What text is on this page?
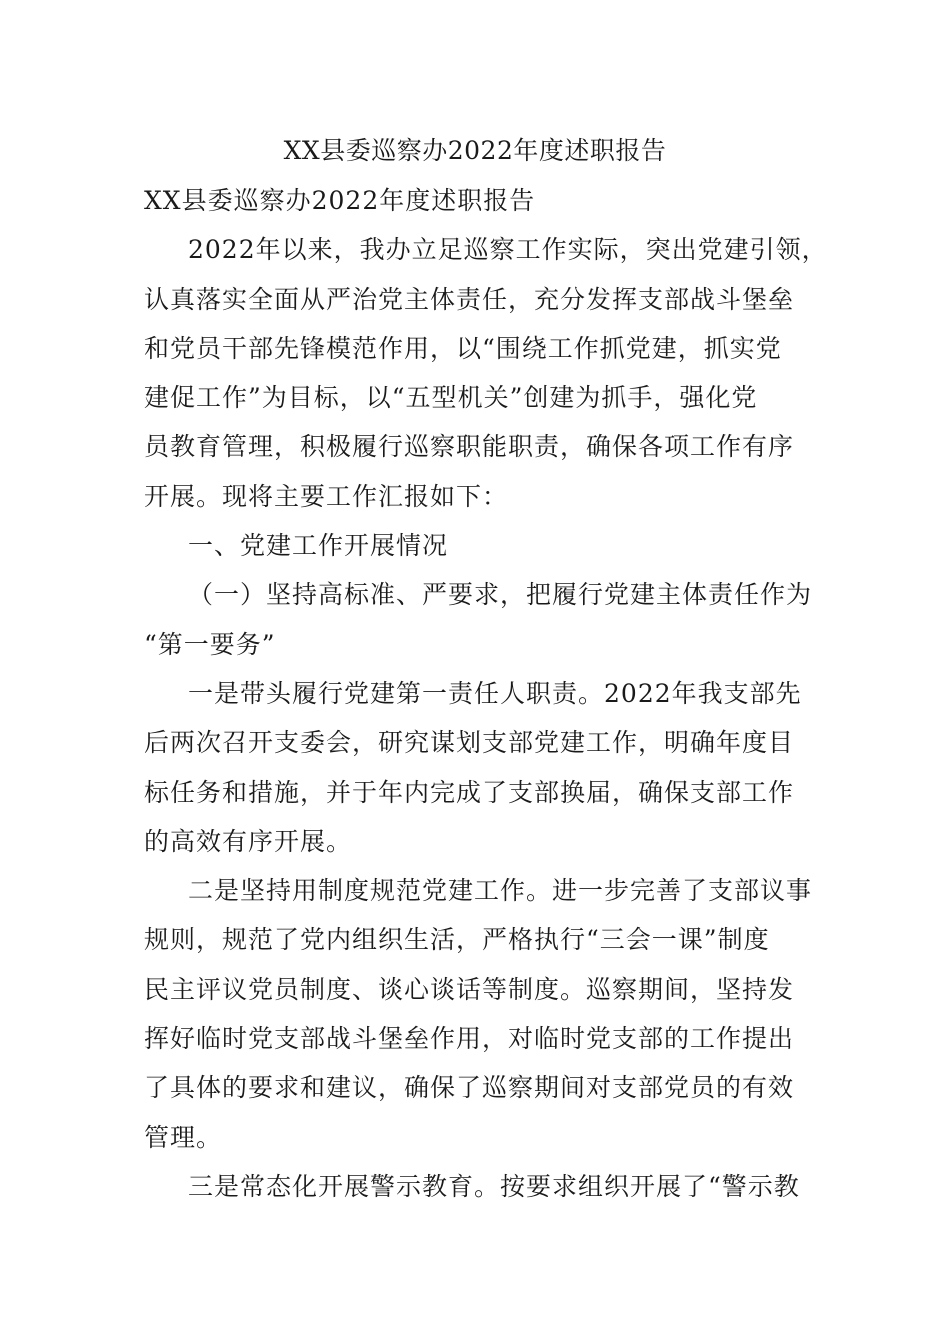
XX县委巡察办2022年度述职报告
XX县委巡察办2022年度述职报告
2022年以来，我办立足巡察工作实际，突出党建引领，
认真落实全面从严治党主体责任，充分发挥支部战斗堡垒
和党员干部先锋模范作用，以“围绕工作抓党建，抓实党
建促工作”为目标，以“五型机关”创建为抓手，强化党
员教育管理，积极履行巡察职能职责，确保各项工作有序
开展。现将主要工作汇报如下：
一、党建工作开展情况
（一）坚持高标准、严要求，把履行党建主体责任作为
“第一要务”
一是带头履行党建第一责任人职责。2022年我支部先
后两次召开支委会，研究谋划支部党建工作，明确年度目
标任务和措施，并于年内完成了支部换届，确保支部工作
的高效有序开展。
二是坚持用制度规范党建工作。进一步完善了支部议事
规则，规范了党内组织生活，严格执行“三会一课”制度
民主评议党员制度、谈心谈话等制度。巡察期间，坚持发
挥好临时党支部战斗堡垒作用，对临时党支部的工作提出
了具体的要求和建议，确保了巡察期间对支部党员的有效
管理。
三是常态化开展警示教育。按要求组织开展了“警示教
